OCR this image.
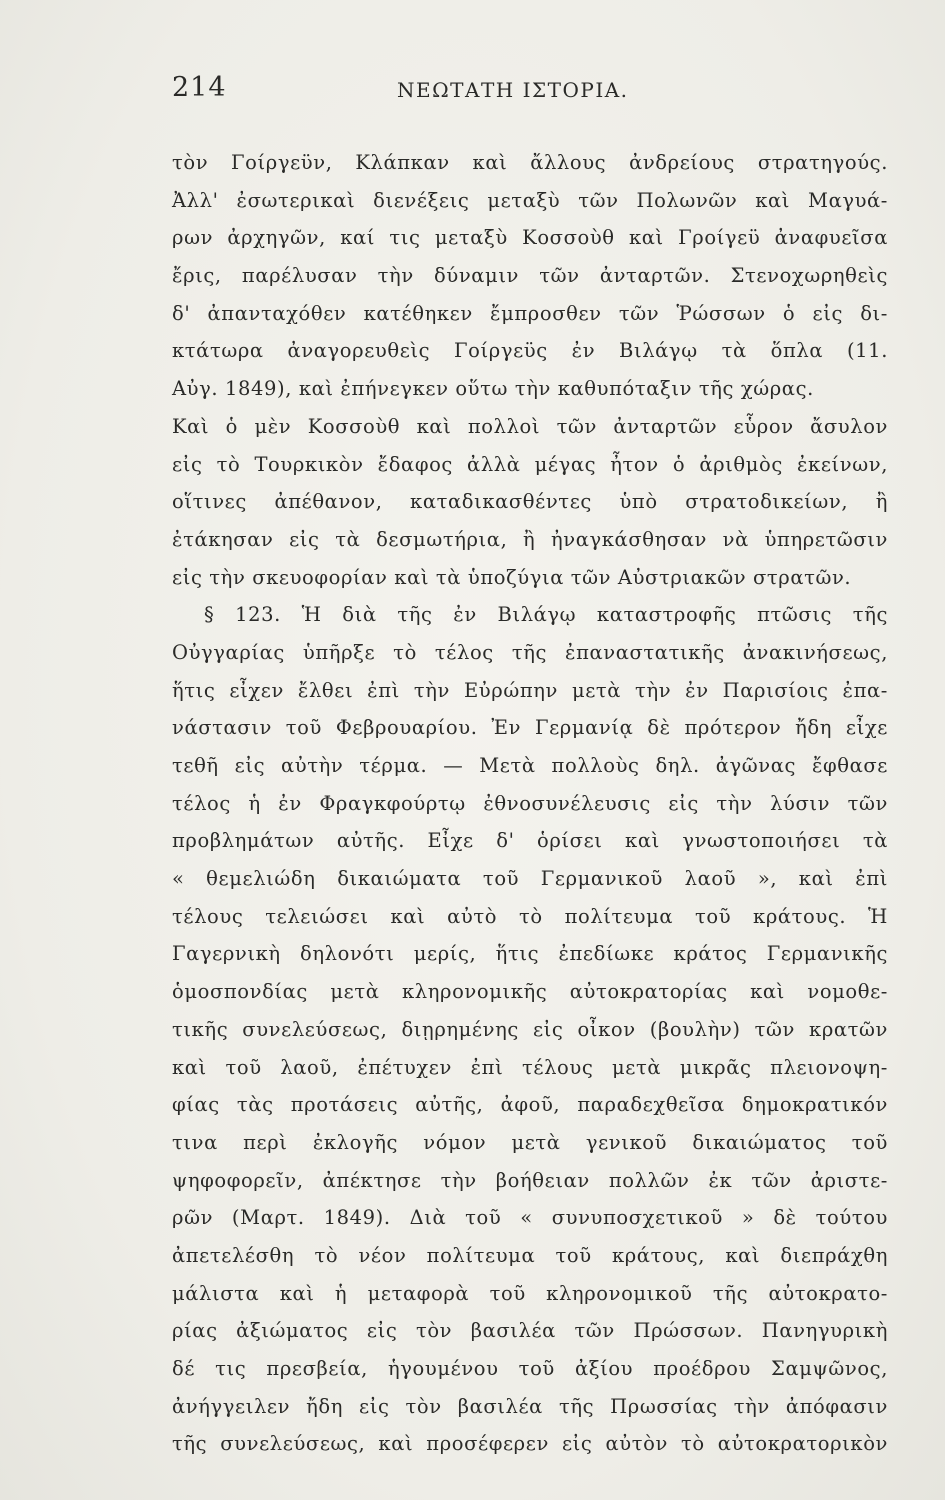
214	ΝΕΩΤΑΤΗ ΙΣΤΟΡΙΑ.
τὸν Γοίργεϋν, Κλάπκαν καὶ ἄλλους ἀνδρείους στρατηγούς.
Ἀλλ' ἐσωτερικαὶ διενέξεις μεταξὺ τῶν Πολωνῶν καὶ Μαγυά-
ρων ἀρχηγῶν, καί τις μεταξὺ Κοσσοὺθ καὶ Γροίγεϋ ἀναφυεῖσα
ἔρις, παρέλυσαν τὴν δύναμιν τῶν ἀνταρτῶν. Στενοχωρηθεὶς
δ' ἀπανταχόθεν κατέθηκεν ἔμπροσθεν τῶν Ῥώσσων ὁ εἰς δι-
κτάτωρα ἀναγορευθεὶς Γοίργεϋς ἐν Βιλάγῳ τὰ ὅπλα (11.
Αὐγ. 1849), καὶ ἐπήνεγκεν οὕτω τὴν καθυπόταξιν τῆς χώρας.
Καὶ ὁ μὲν Κοσσοὺθ καὶ πολλοὶ τῶν ἀνταρτῶν εὗρον ἄσυλον
εἰς τὸ Τουρκικὸν ἔδαφος ἀλλὰ μέγας ἦτον ὁ ἀριθμὸς ἐκείνων,
οἵτινες ἀπέθανον, καταδικασθέντες ὑπὸ στρατοδικείων, ἢ
ἐτάκησαν εἰς τὰ δεσμωτήρια, ἢ ἠναγκάσθησαν νὰ ὑπηρετῶσιν
εἰς τὴν σκευοφορίαν καὶ τὰ ὑποζύγια τῶν Αὐστριακῶν στρατῶν.
§ 123. Ἡ διὰ τῆς ἐν Βιλάγῳ καταστροφῆς πτῶσις τῆς
Οὐγγαρίας ὑπῆρξε τὸ τέλος τῆς ἐπαναστατικῆς ἀνακινήσεως,
ἥτις εἶχεν ἔλθει ἐπὶ τὴν Εὐρώπην μετὰ τὴν ἐν Παρισίοις ἐπα-
νάστασιν τοῦ Φεβρουαρίου. Ἐν Γερμανίᾳ δὲ πρότερον ἤδη εἶχε
τεθῆ εἰς αὐτὴν τέρμα. — Μετὰ πολλοὺς δηλ. ἀγῶνας ἔφθασε
τέλος ἡ ἐν Φραγκφούρτῳ ἐθνοσυνέλευσις εἰς τὴν λύσιν τῶν
προβλημάτων αὐτῆς. Εἶχε δ' ὁρίσει καὶ γνωστοποιήσει τὰ
« θεμελιώδη δικαιώματα τοῦ Γερμανικοῦ λαοῦ », καὶ ἐπὶ
τέλους τελειώσει καὶ αὐτὸ τὸ πολίτευμα τοῦ κράτους. Ἡ
Γαγερνικὴ δηλονότι μερίς, ἥτις ἐπεδίωκε κράτος Γερμανικῆς
ὁμοσπονδίας μετὰ κληρονομικῆς αὐτοκρατορίας καὶ νομοθε-
τικῆς συνελεύσεως, διῃρημένης εἰς οἶκον (βουλὴν) τῶν κρατῶν
καὶ τοῦ λαοῦ, ἐπέτυχεν ἐπὶ τέλους μετὰ μικρᾶς πλειονοψη-
φίας τὰς προτάσεις αὐτῆς, ἀφοῦ, παραδεχθεῖσα δημοκρατικόν
τινα περὶ ἐκλογῆς νόμον μετὰ γενικοῦ δικαιώματος τοῦ
ψηφοφορεῖν, ἀπέκτησε τὴν βοήθειαν πολλῶν ἐκ τῶν ἀριστε-
ρῶν (Μαρτ. 1849). Διὰ τοῦ « συνυποσχετικοῦ » δὲ τούτου
ἀπετελέσθη τὸ νέον πολίτευμα τοῦ κράτους, καὶ διεπράχθη
μάλιστα καὶ ἡ μεταφορὰ τοῦ κληρονομικοῦ τῆς αὐτοκρατο-
ρίας ἀξιώματος εἰς τὸν βασιλέα τῶν Πρώσσων. Πανηγυρικὴ
δέ τις πρεσβεία, ἡγουμένου τοῦ ἀξίου προέδρου Σαμψῶνος,
ἀνήγγειλεν ἤδη εἰς τὸν βασιλέα τῆς Πρωσσίας τὴν ἀπόφασιν
τῆς συνελεύσεως, καὶ προσέφερεν εἰς αὐτὸν τὸ αὐτοκρατορικὸν
